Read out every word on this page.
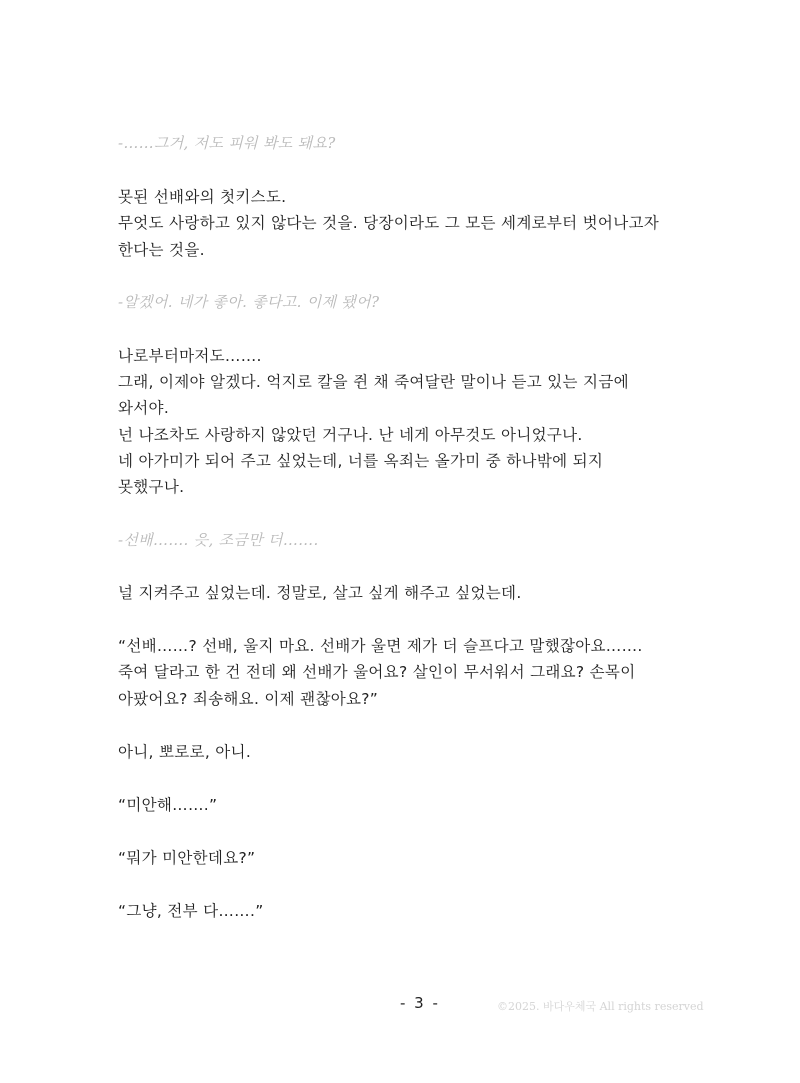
-……그거, 저도 피워 봐도 돼요?
못된 선배와의 첫키스도.
무엇도 사랑하고 있지 않다는 것을. 당장이라도 그 모든 세계로부터 벗어나고자
한다는 것을.
-알겠어. 네가 좋아. 좋다고. 이제 됐어?
나로부터마저도…….
그래, 이제야 알겠다. 억지로 칼을 쥔 채 죽여달란 말이나 듣고 있는 지금에
와서야.
넌 나조차도 사랑하지 않았던 거구나. 난 네게 아무것도 아니었구나.
네 아가미가 되어 주고 싶었는데, 너를 옥죄는 올가미 중 하나밖에 되지
못했구나.
-선배……. 읏, 조금만 더…….
널 지켜주고 싶었는데. 정말로, 살고 싶게 해주고 싶었는데.
“선배……? 선배, 울지 마요. 선배가 울면 제가 더 슬프다고 말했잖아요…….
죽여 달라고 한 건 전데 왜 선배가 울어요? 살인이 무서워서 그래요? 손목이
아팠어요? 죄송해요. 이제 괜찮아요?”
아니, 뽀로로, 아니.
“미안해…….”
“뭐가 미안한데요?”
“그냥, 전부 다…….”
- 3 -	©2025. 바다우체국 All rights reserved
